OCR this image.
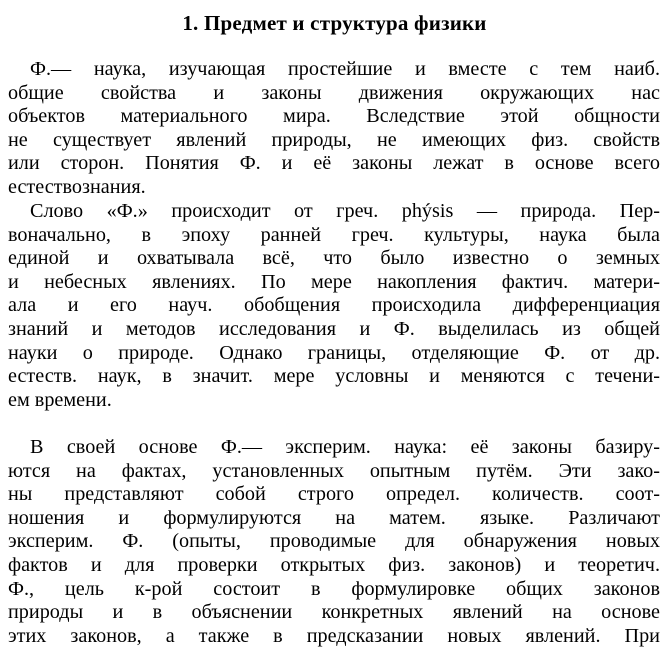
1. Предмет и структура физики
Ф.— наука, изучающая простейшие и вместе с тем наиб.
общие свойства и законы движения окружающих нас
объектов материального мира. Вследствие этой общности
не существует явлений природы, не имеющих физ. свойств
или сторон. Понятия Ф. и её законы лежат в основе всего
естествознания.
Слово «Ф.» происходит от греч. phýsis — природа. Пер-
воначально, в эпоху ранней греч. культуры, наука была
единой и охватывала всё, что было известно о земных
и небесных явлениях. По мере накопления фактич. матери-
ала и его науч. обобщения происходила дифференциация
знаний и методов исследования и Ф. выделилась из общей
науки о природе. Однако границы, отделяющие Ф. от др.
естеств. наук, в значит. мере условны и меняются с течени-
ем времени.
В своей основе Ф.— эксперим. наука: её законы базиру-
ются на фактах, установленных опытным путём. Эти зако-
ны представляют собой строго определ. количеств. соот-
ношения и формулируются на матем. языке. Различают
эксперим. Ф. (опыты, проводимые для обнаружения новых
фактов и для проверки открытых физ. законов) и теоретич.
Ф., цель к-рой состоит в формулировке общих законов
природы и в объяснении конкретных явлений на основе
этих законов, а также в предсказании новых явлений. При
